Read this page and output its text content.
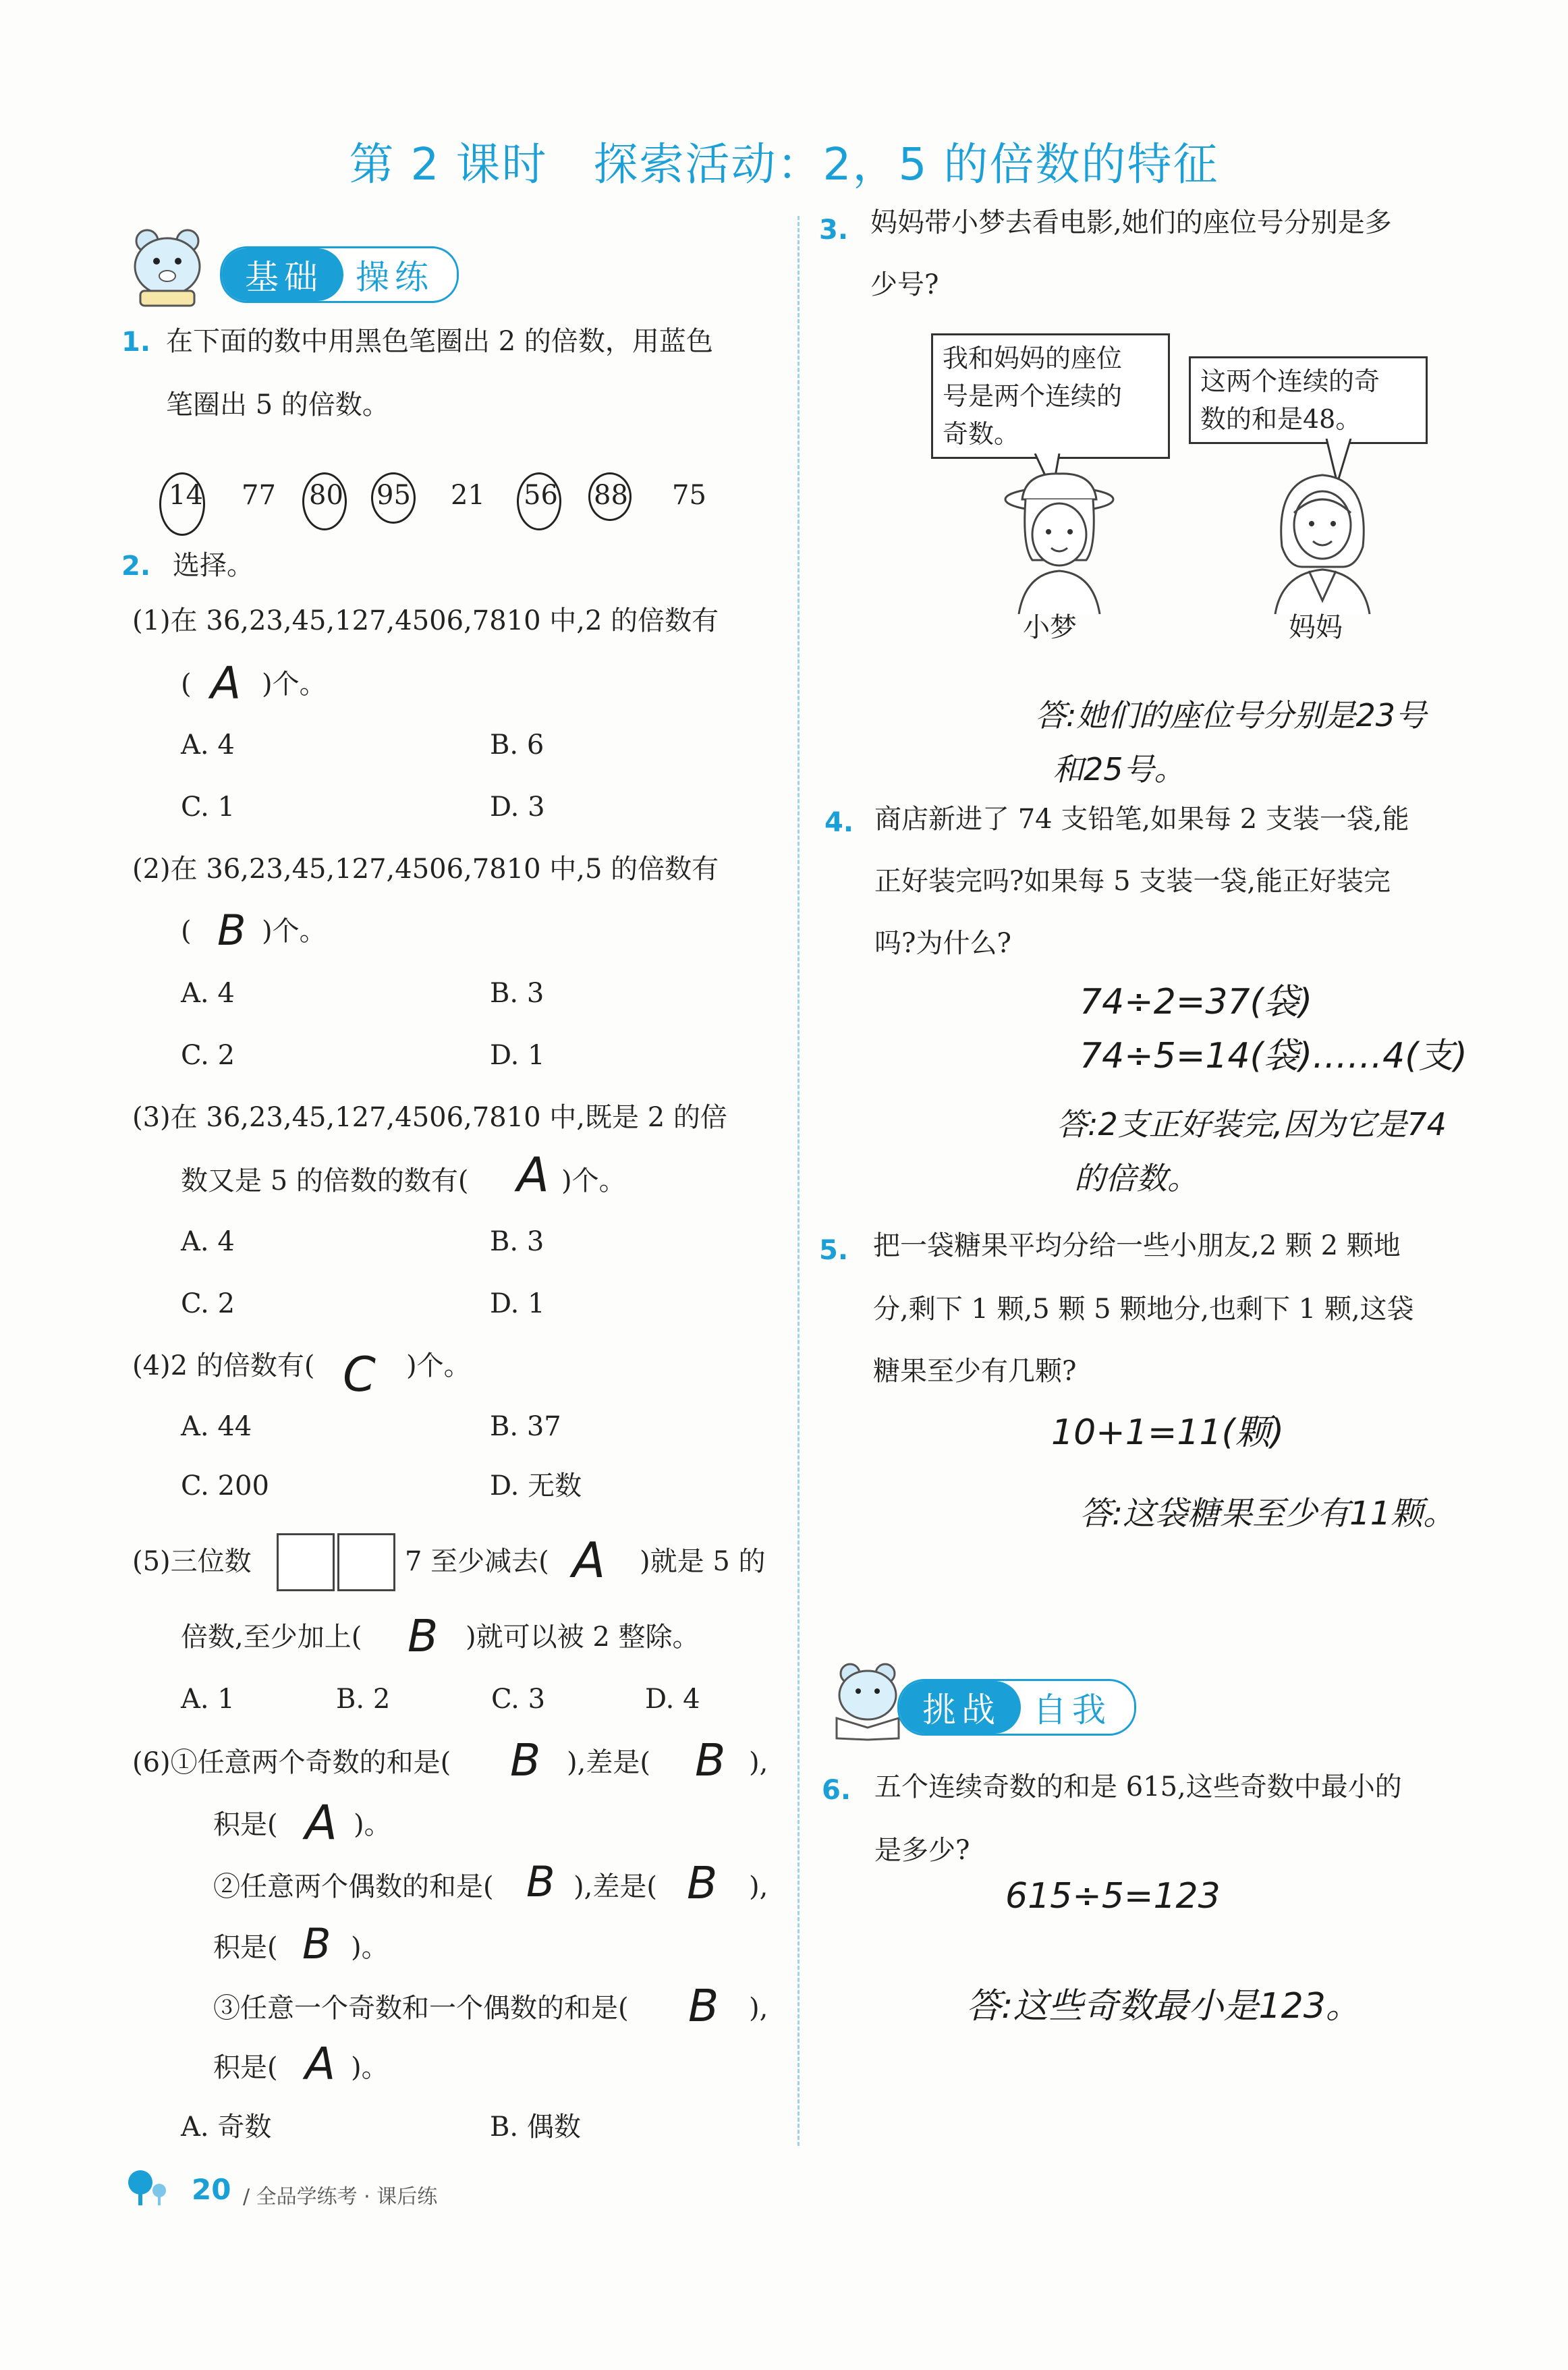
第 2 课时　探索活动：2，5 的倍数的特征
基础 操练
1. 在下面的数中用黑色笔圈出 2 的倍数，用蓝色
笔圈出 5 的倍数。
14 77 80 95 21 56 88 75
2. 选择。
(1)在 36,23,45,127,4506,7810 中,2 的倍数有
( A )个。
A. 4	B. 6
C. 1	D. 3
(2)在 36,23,45,127,4506,7810 中,5 的倍数有
( B )个。
A. 4	B. 3
C. 2	D. 1
(3)在 36,23,45,127,4506,7810 中,既是 2 的倍
数又是 5 的倍数的数有( A )个。
A. 4	B. 3
C. 2	D. 1
(4)2 的倍数有( C )个。
A. 44	B. 37
C. 200	D. 无数
(5)三位数	7 至少减去( A )就是 5 的
倍数,至少加上( B )就可以被 2 整除。
A. 1	B. 2	C. 3	D. 4
(6)①任意两个奇数的和是( B ),差是( B ),
积是( A )。
②任意两个偶数的和是( B ),差是( B ),
积是( B )。
③任意一个奇数和一个偶数的和是( B ),
积是( A )。
A. 奇数	B. 偶数
3. 妈妈带小梦去看电影,她们的座位号分别是多
少号?
我和妈妈的座位
号是两个连续的
奇数。
这两个连续的奇
数的和是48。
小梦	妈妈
答:她们的座位号分别是23号
和25号。
4. 商店新进了 74 支铅笔,如果每 2 支装一袋,能
正好装完吗?如果每 5 支装一袋,能正好装完
吗?为什么?
74÷2=37(袋)
74÷5=14(袋)……4(支)
答:2支正好装完,因为它是74
的倍数。
5. 把一袋糖果平均分给一些小朋友,2 颗 2 颗地
分,剩下 1 颗,5 颗 5 颗地分,也剩下 1 颗,这袋
糖果至少有几颗?
10+1=11(颗)
答:这袋糖果至少有11颗。
挑战 自我
6. 五个连续奇数的和是 615,这些奇数中最小的
是多少?
615÷5=123
答:这些奇数最小是123。
20 / 全品学练考 · 课后练
